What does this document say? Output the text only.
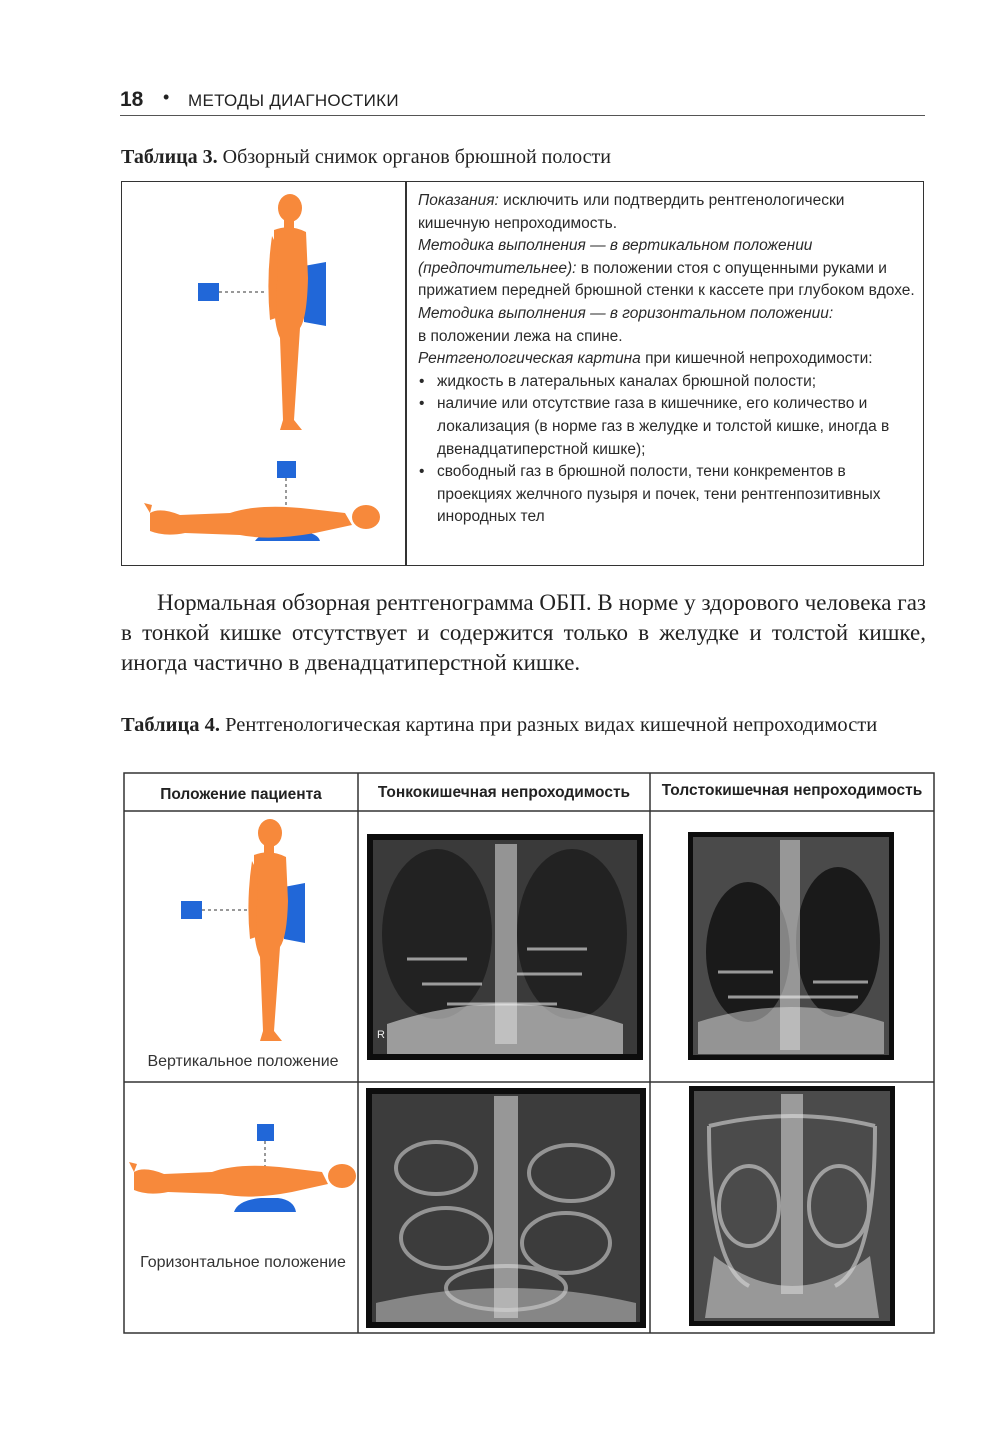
18 • МЕТОДЫ ДИАГНОСТИКИ
Таблица 3. Обзорный снимок органов брюшной полости

Показания: исключить или подтвердить рентгенологически кишечную непроходимость.

Методика выполнения — в вертикальном положении (предпочтительнее): в положении стоя с опущенными руками и прижатием передней брюшной стенки к кассете при глубоком вдохе.

Методика выполнения — в горизонтальном положении:
в положении лежа на спине.

Рентгенологическая картина при кишечной непроходимости:

• жидкость в латеральных каналах брюшной полости;
• наличие или отсутствие газа в кишечнике, его количество и локализация (в норме газ в желудке и толстой кишке, иногда в двенадцатиперстной кишке);
• свободный газ в брюшной полости, тени конкрементов в проекциях желчного пузыря и почек, тени рентгенпозитивных инородных тел
Нормальная обзорная рентгенограмма ОБП. В норме у здорового человека газ в тонкой кишке отсутствует и содержится только в желудке и толстой кишке, иногда частично в двенадцатиперстной кишке.
Таблица 4. Рентгенологическая картина при разных видах кишечной непроходимости
Положение пациента	Тонкокишечная непроходимость	Толстокишечная непроходимость
Вертикальное положение
R
Горизонтальное положение
